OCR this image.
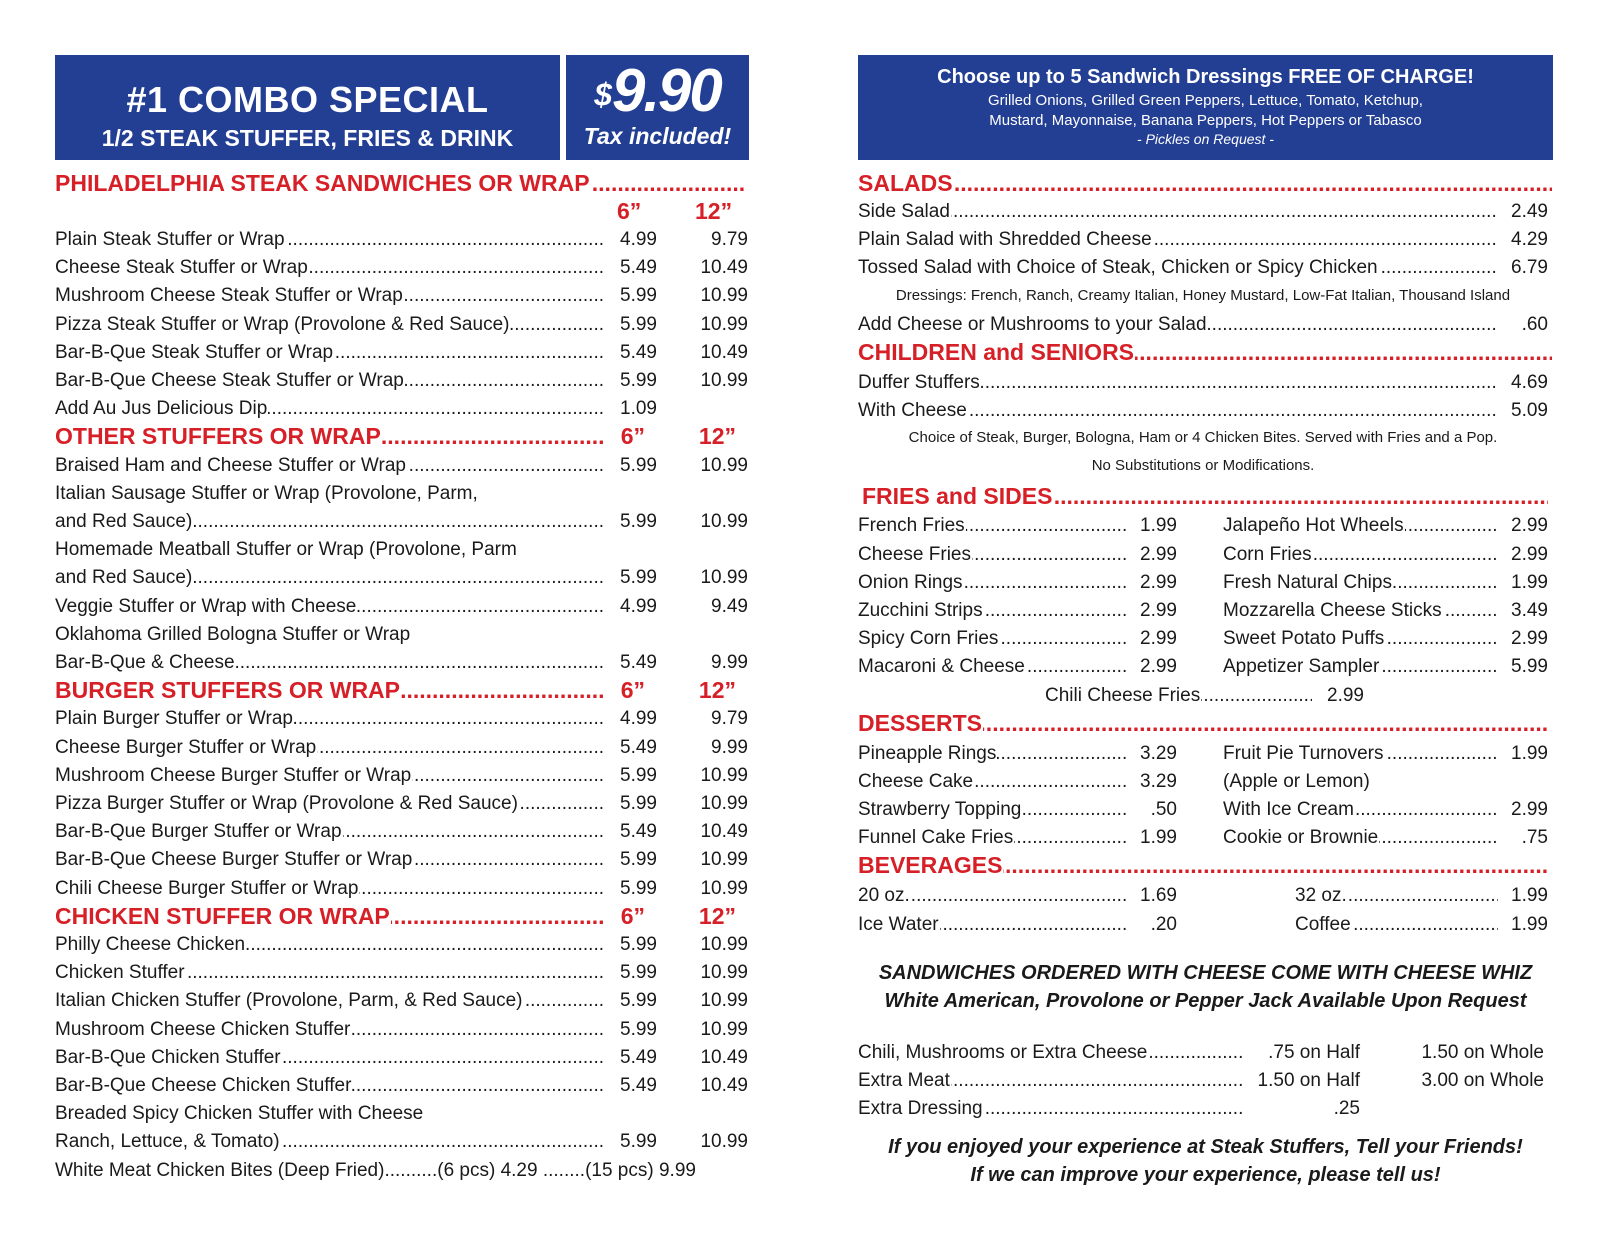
#1 COMBO SPECIAL
1/2 STEAK STUFFER, FRIES & DRINK
$9.90
Tax included!
Choose up to 5 Sandwich Dressings FREE OF CHARGE!
Grilled Onions, Grilled Green Peppers, Lettuce, Tomato, Ketchup,
Mustard, Mayonnaise, Banana Peppers, Hot Peppers or Tabasco
- Pickles on Request -
.....
PHILADELPHIA STEAK SANDWICHES OR WRAP
6” 12”
.....
Plain Steak Stuffer or Wrap	4.99	9.79
.....
Cheese Steak Stuffer or Wrap	5.49	10.49
.....
Mushroom Cheese Steak Stuffer or Wrap	5.99	10.99
.....
Pizza Steak Stuffer or Wrap (Provolone & Red Sauce)	5.99	10.99
.....
Bar-B-Que Steak Stuffer or Wrap	5.49	10.49
.....
Bar-B-Que Cheese Steak Stuffer or Wrap	5.99	10.99
.....
Add Au Jus Delicious Dip	1.09
.....
OTHER STUFFERS OR WRAP	6”	12”
.....
Braised Ham and Cheese Stuffer or Wrap	5.99	10.99
Italian Sausage Stuffer or Wrap (Provolone, Parm,
.....
and Red Sauce)	5.99	10.99
Homemade Meatball Stuffer or Wrap (Provolone, Parm
.....
and Red Sauce)	5.99	10.99
.....
Veggie Stuffer or Wrap with Cheese	4.99	9.49
Oklahoma Grilled Bologna Stuffer or Wrap
.....
Bar-B-Que & Cheese	5.49	9.99
.....
BURGER STUFFERS OR WRAP	6”	12”
.....
Plain Burger Stuffer or Wrap	4.99	9.79
.....
Cheese Burger Stuffer or Wrap	5.49	9.99
.....
Mushroom Cheese Burger Stuffer or Wrap	5.99	10.99
.....
Pizza Burger Stuffer or Wrap (Provolone & Red Sauce)	5.99	10.99
.....
Bar-B-Que Burger Stuffer or Wrap	5.49	10.49
.....
Bar-B-Que Cheese Burger Stuffer or Wrap	5.99	10.99
.....
Chili Cheese Burger Stuffer or Wrap	5.99	10.99
.....
CHICKEN STUFFER OR WRAP	6”	12”
.....
Philly Cheese Chicken	5.99	10.99
.....
Chicken Stuffer	5.99	10.99
.....
Italian Chicken Stuffer (Provolone, Parm, & Red Sauce)	5.99	10.99
.....
Mushroom Cheese Chicken Stuffer	5.99	10.99
.....
Bar-B-Que Chicken Stuffer	5.49	10.49
.....
Bar-B-Que Cheese Chicken Stuffer	5.49	10.49
Breaded Spicy Chicken Stuffer with Cheese
.....
Ranch, Lettuce, & Tomato)	5.99	10.99
White Meat Chicken Bites (Deep Fried)..........(6 pcs) 4.29 ........(15 pcs) 9.99
.....
SALADS
.....
Side Salad	2.49
.....
Plain Salad with Shredded Cheese	4.29
.....
Tossed Salad with Choice of Steak, Chicken or Spicy Chicken	6.79
Dressings: French, Ranch, Creamy Italian, Honey Mustard, Low-Fat Italian, Thousand Island
.....
Add Cheese or Mushrooms to your Salad	.60
.....
CHILDREN and SENIORS
.....
Duffer Stuffers	4.69
.....
With Cheese	5.09
Choice of Steak, Burger, Bologna, Ham or 4 Chicken Bites. Served with Fries and a Pop.
No Substitutions or Modifications.
.....
FRIES and SIDES
.....
French Fries	1.99 ..... Jalapeño Hot Wheels	2.99
.....
Cheese Fries	2.99 ..... Corn Fries	2.99
.....
Onion Rings	2.99 ..... Fresh Natural Chips	1.99
.....
Zucchini Strips	2.99 ..... Mozzarella Cheese Sticks	3.49
.....
Spicy Corn Fries	2.99 ..... Sweet Potato Puffs	2.99
.....
Macaroni & Cheese	2.99 ..... Appetizer Sampler	5.99
.....
Chili Cheese Fries	2.99
.....
DESSERTS
.....
Pineapple Rings	3.29 ..... Fruit Pie Turnovers	1.99
.....
Cheese Cake	3.29 (Apple or Lemon)
.....
Strawberry Topping	.50 ..... With Ice Cream	2.99
.....
Funnel Cake Fries	1.99 ..... Cookie or Brownie	.75
.....
BEVERAGES
.....
20 oz.	1.69 .....	32 oz.	1.99
.....
Ice Water	.20 .....	Coffee	1.99
SANDWICHES ORDERED WITH CHEESE COME WITH CHEESE WHIZ
White American, Provolone or Pepper Jack Available Upon Request
.....
Chili, Mushrooms or Extra Cheese	.75 on Half	1.50 on Whole
.....
Extra Meat	1.50 on Half	3.00 on Whole
.....
Extra Dressing	.25
If you enjoyed your experience at Steak Stuffers, Tell your Friends!
If we can improve your experience, please tell us!
